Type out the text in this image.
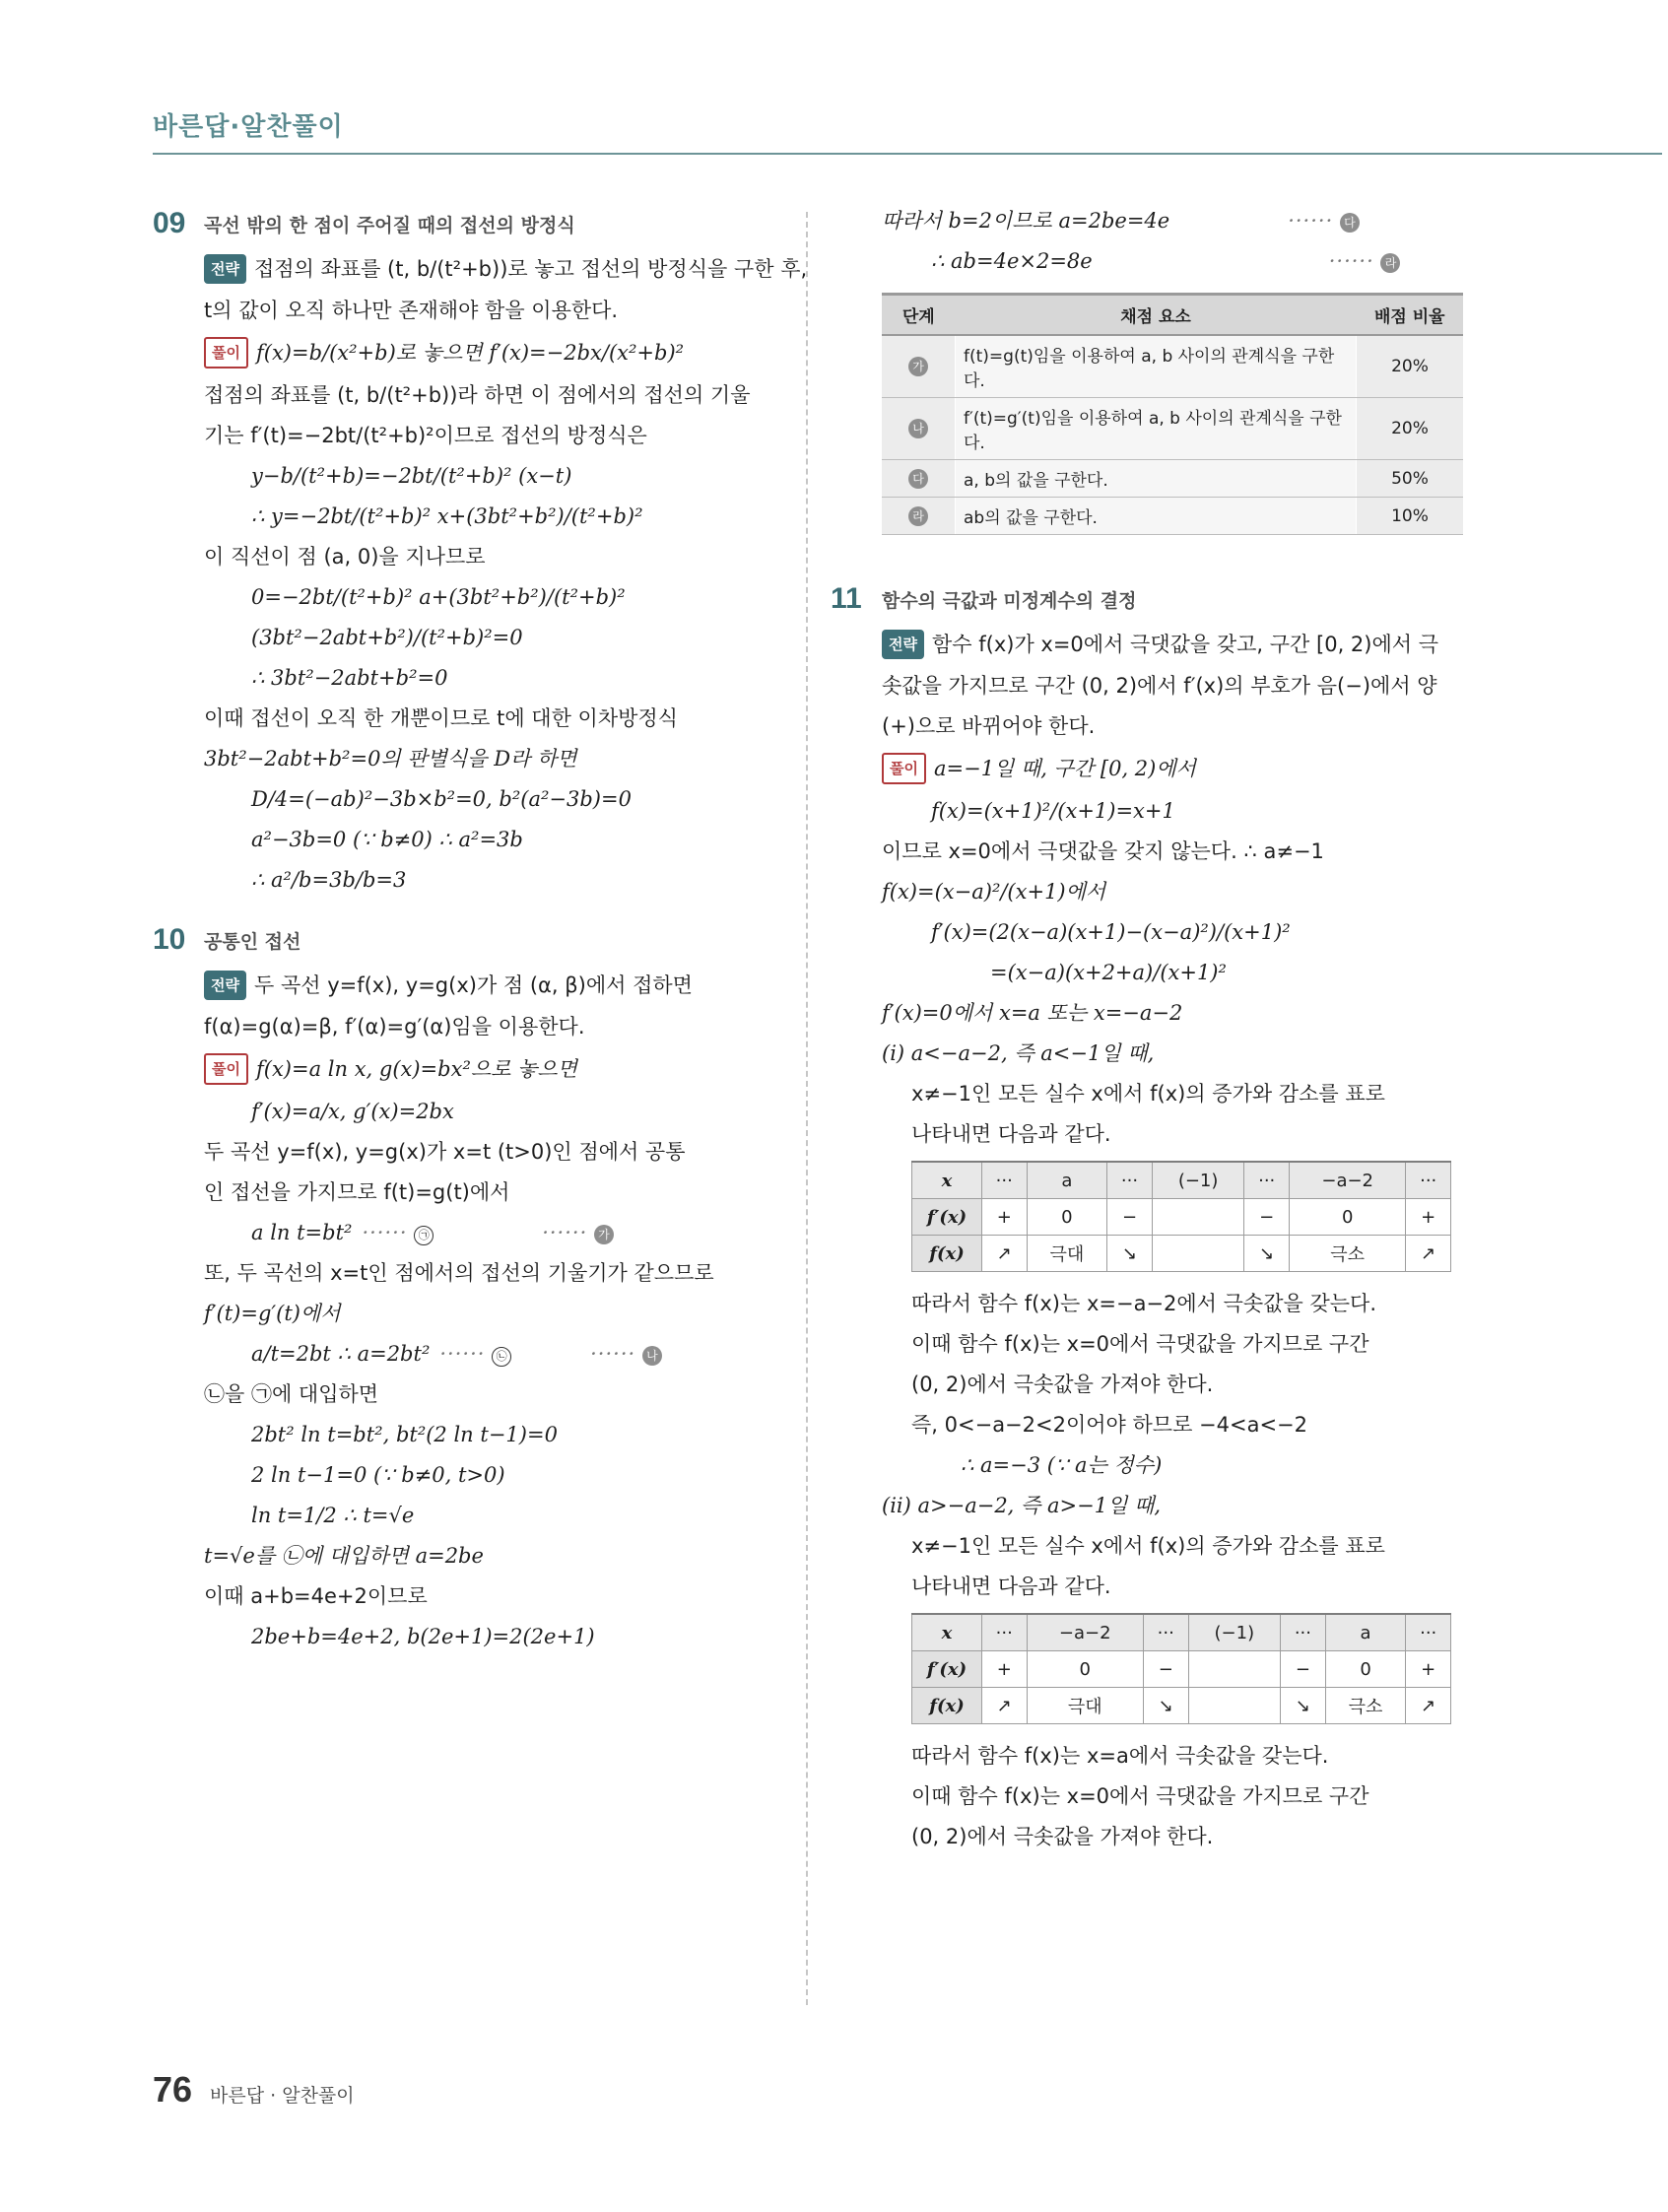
바른답·알찬풀이
09 곡선 밖의 한 점이 주어질 때의 접선의 방정식
전략 접점의 좌표를 (t, b/(t²+b))로 놓고 접선의 방정식을 구한 후,
t의 값이 오직 하나만 존재해야 함을 이용한다.
풀이 f(x)=b/(x²+b)로 놓으면 f′(x)=−2bx/(x²+b)²
접점의 좌표를 (t, b/(t²+b))라 하면 이 점에서의 접선의 기울
기는 f′(t)=−2bt/(t²+b)²이므로 접선의 방정식은
y−b/(t²+b)=−2bt/(t²+b)² (x−t)
∴ y=−2bt/(t²+b)² x+(3bt²+b²)/(t²+b)²
이 직선이 점 (a, 0)을 지나므로
0=−2bt/(t²+b)² a+(3bt²+b²)/(t²+b)²
(3bt²−2abt+b²)/(t²+b)²=0
∴ 3bt²−2abt+b²=0
이때 접선이 오직 한 개뿐이므로 t에 대한 이차방정식
3bt²−2abt+b²=0의 판별식을 D라 하면
D/4=(−ab)²−3b×b²=0, b²(a²−3b)=0
a²−3b=0 (∵ b≠0) ∴ a²=3b
∴ a²/b=3b/b=3
10 공통인 접선
전략 두 곡선 y=f(x), y=g(x)가 점 (α, β)에서 접하면
f(α)=g(α)=β, f′(α)=g′(α)임을 이용한다.
풀이 f(x)=a ln x, g(x)=bx²으로 놓으면
f′(x)=a/x, g′(x)=2bx
두 곡선 y=f(x), y=g(x)가 x=t (t>0)인 점에서 공통
인 접선을 가지므로 f(t)=g(t)에서
a ln t=bt² ······ ㉠	······ 가
또, 두 곡선의 x=t인 점에서의 접선의 기울기가 같으므로
f′(t)=g′(t)에서
a/t=2bt ∴ a=2bt² ······ ㉡	······ 나
㉡을 ㉠에 대입하면
2bt² ln t=bt², bt²(2 ln t−1)=0
2 ln t−1=0 (∵ b≠0, t>0)
ln t=1/2 ∴ t=√e
t=√e를 ㉡에 대입하면 a=2be
이때 a+b=4e+2이므로
2be+b=4e+2, b(2e+1)=2(2e+1)
따라서 b=2이므로 a=2be=4e	······ 다
∴ ab=4e×2=8e	······ 라
단계	채점 요소	배점 비율
가	f(t)=g(t)임을 이용하여 a, b 사이의 관계식을 구한다.	20%
나	f′(t)=g′(t)임을 이용하여 a, b 사이의 관계식을 구한다.	20%
다	a, b의 값을 구한다.	50%
라	ab의 값을 구한다.	10%
11	함수의 극값과 미정계수의 결정
전략 함수 f(x)가 x=0에서 극댓값을 갖고, 구간 [0, 2)에서 극
솟값을 가지므로 구간 (0, 2)에서 f′(x)의 부호가 음(−)에서 양
(+)으로 바뀌어야 한다.
풀이 a=−1일 때, 구간 [0, 2)에서
f(x)=(x+1)²/(x+1)=x+1
이므로 x=0에서 극댓값을 갖지 않는다. ∴ a≠−1
f(x)=(x−a)²/(x+1)에서
f′(x)=(2(x−a)(x+1)−(x−a)²)/(x+1)²
=(x−a)(x+2+a)/(x+1)²
f′(x)=0에서 x=a 또는 x=−a−2
(i) a<−a−2, 즉 a<−1일 때,
x≠−1인 모든 실수 x에서 f(x)의 증가와 감소를 표로
나타내면 다음과 같다.
x	···	a	···	(−1)	···	−a−2	···
f′(x)	+	0	−		−	0	+
f(x)	↗	극대	↘		↘	극소	↗
따라서 함수 f(x)는 x=−a−2에서 극솟값을 갖는다.
이때 함수 f(x)는 x=0에서 극댓값을 가지므로 구간
(0, 2)에서 극솟값을 가져야 한다.
즉, 0<−a−2<2이어야 하므로 −4<a<−2
∴ a=−3 (∵ a는 정수)
(ii) a>−a−2, 즉 a>−1일 때,
x≠−1인 모든 실수 x에서 f(x)의 증가와 감소를 표로
나타내면 다음과 같다.
x	···	−a−2	···	(−1)	···	a	···
f′(x)	+	0	−		−	0	+
f(x)	↗	극대	↘		↘	극소	↗
따라서 함수 f(x)는 x=a에서 극솟값을 갖는다.
이때 함수 f(x)는 x=0에서 극댓값을 가지므로 구간
(0, 2)에서 극솟값을 가져야 한다.
76 바른답 · 알찬풀이
